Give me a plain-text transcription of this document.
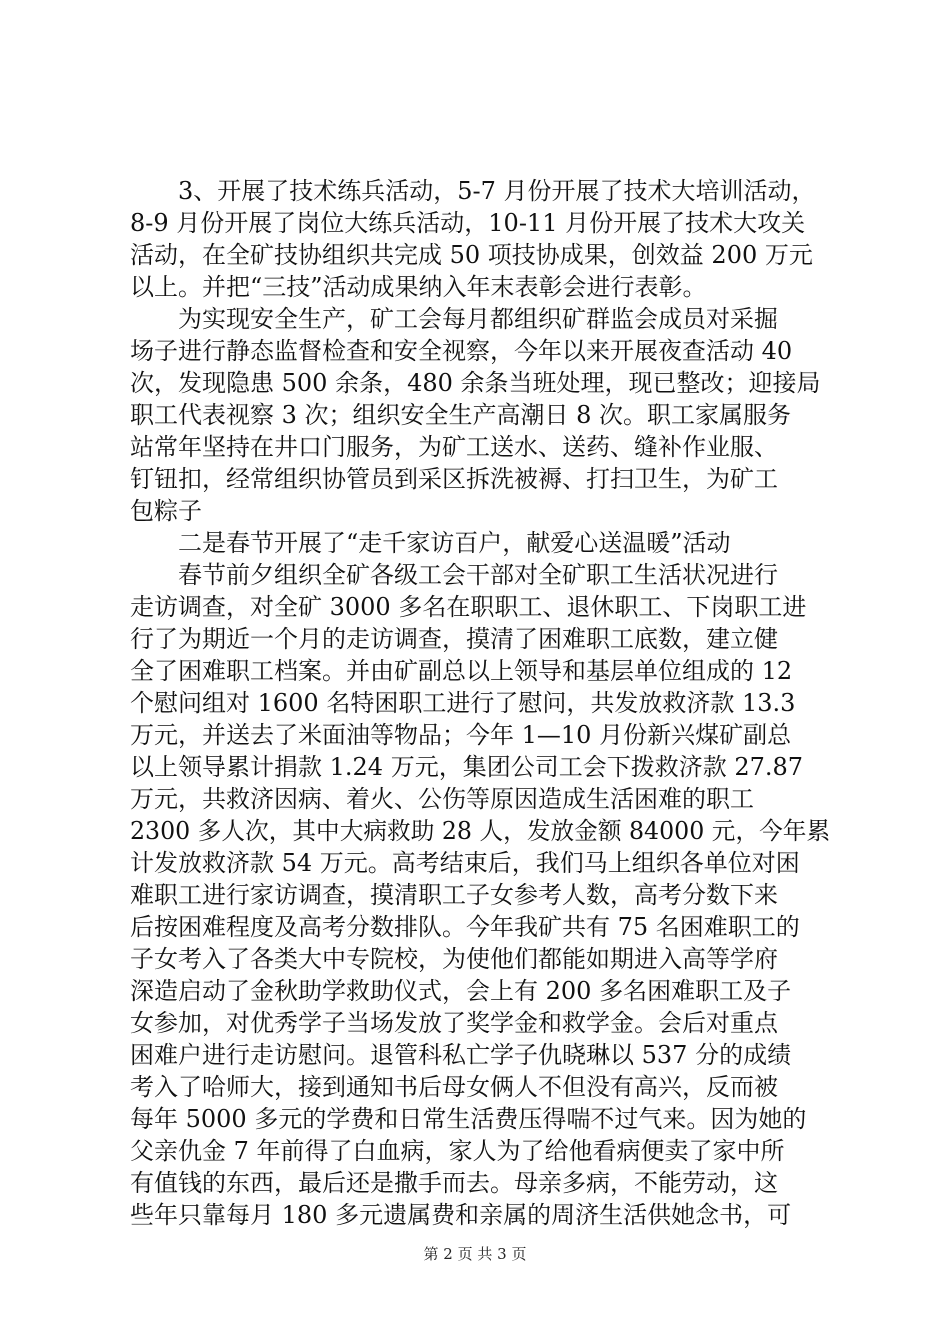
　　3、开展了技术练兵活动，5-7 月份开展了技术大培训活动，
8-9 月份开展了岗位大练兵活动，10-11 月份开展了技术大攻关
活动，在全矿技协组织共完成 50 项技协成果，创效益 200 万元
以上。并把“三技”活动成果纳入年末表彰会进行表彰。
　　为实现安全生产，矿工会每月都组织矿群监会成员对采掘
场子进行静态监督检查和安全视察，今年以来开展夜查活动 40
次，发现隐患 500 余条，480 余条当班处理，现已整改；迎接局
职工代表视察 3 次；组织安全生产高潮日 8 次。职工家属服务
站常年坚持在井口门服务，为矿工送水、送药、缝补作业服、
钉钮扣，经常组织协管员到采区拆洗被褥、打扫卫生，为矿工
包粽子
　　二是春节开展了“走千家访百户，献爱心送温暖”活动
　　春节前夕组织全矿各级工会干部对全矿职工生活状况进行
走访调查，对全矿 3000 多名在职职工、退休职工、下岗职工进
行了为期近一个月的走访调查，摸清了困难职工底数，建立健
全了困难职工档案。并由矿副总以上领导和基层单位组成的 12
个慰问组对 1600 名特困职工进行了慰问，共发放救济款 13.3
万元，并送去了米面油等物品；今年 1—10 月份新兴煤矿副总
以上领导累计捐款 1.24 万元，集团公司工会下拨救济款 27.87
万元，共救济因病、着火、公伤等原因造成生活困难的职工
2300 多人次，其中大病救助 28 人，发放金额 84000 元，今年累
计发放救济款 54 万元。高考结束后，我们马上组织各单位对困
难职工进行家访调查，摸清职工子女参考人数，高考分数下来
后按困难程度及高考分数排队。今年我矿共有 75 名困难职工的
子女考入了各类大中专院校，为使他们都能如期进入高等学府
深造启动了金秋助学救助仪式，会上有 200 多名困难职工及子
女参加，对优秀学子当场发放了奖学金和救学金。会后对重点
困难户进行走访慰问。退管科私亡学子仇晓琳以 537 分的成绩
考入了哈师大，接到通知书后母女俩人不但没有高兴，反而被
每年 5000 多元的学费和日常生活费压得喘不过气来。因为她的
父亲仇金 7 年前得了白血病，家人为了给他看病便卖了家中所
有值钱的东西，最后还是撒手而去。母亲多病，不能劳动，这
些年只靠每月 180 多元遗属费和亲属的周济生活供她念书，可
第 2 页 共 3 页
